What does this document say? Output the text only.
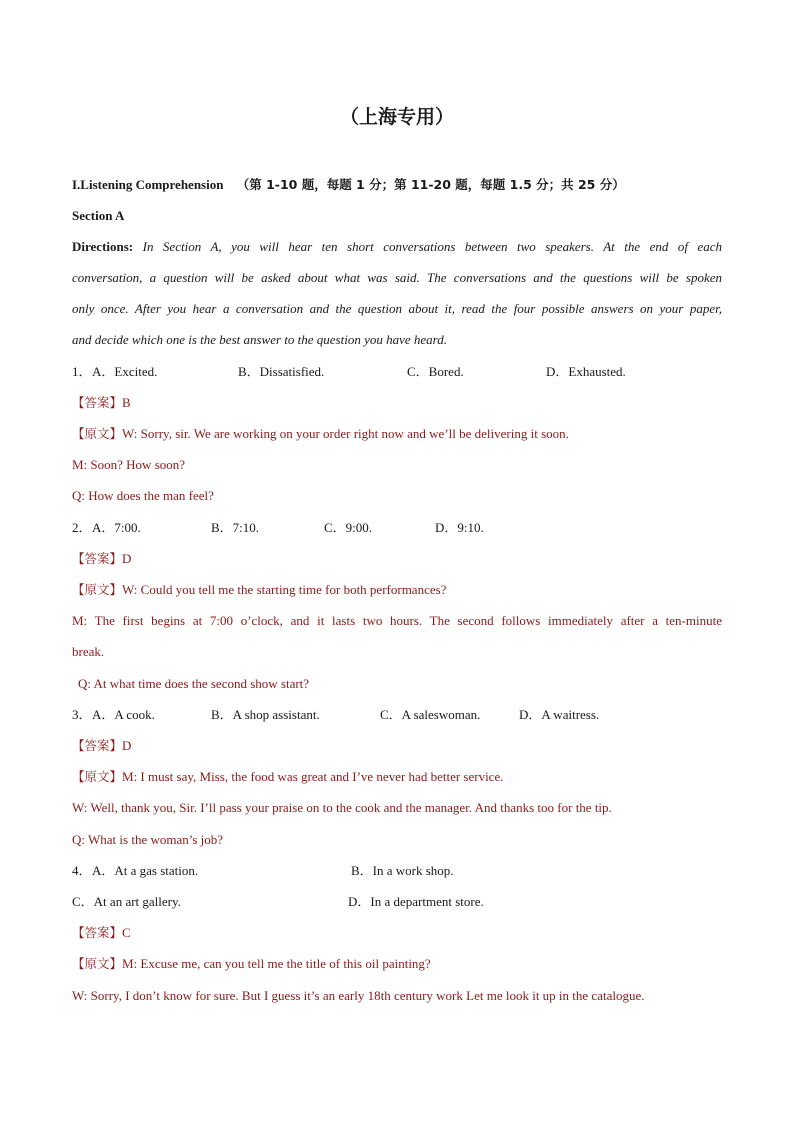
（上海专用）
I.Listening Comprehension （第 1-10 题，每题 1 分；第 11-20 题，每题 1.5 分；共 25 分）
Section A
Directions: In Section A, you will hear ten short conversations between two speakers. At the end of each
conversation, a question will be asked about what was said. The conversations and the questions will be spoken
only once. After you hear a conversation and the question about it, read the four possible answers on your paper,
and decide which one is the best answer to the question you have heard.
1． A．Excited.	B．Dissatisfied.	C．Bored.	D．Exhausted.
【答案】B
【原文】W: Sorry, sir. We are working on your order right now and we’ll be delivering it soon.
M: Soon? How soon?
Q: How does the man feel?
2． A．7:00.	B．7:10.	C．9:00.	D．9:10.
【答案】D
【原文】W: Could you tell me the starting time for both performances?
M: The first begins at 7:00 o’clock, and it lasts two hours. The second follows immediately after a ten-minute
break.
Q: At what time does the second show start?
3． A．A cook.	B．A shop assistant.	C．A saleswoman.	D．A waitress.
【答案】D
【原文】M: I must say, Miss, the food was great and I’ve never had better service.
W: Well, thank you, Sir. I’ll pass your praise on to the cook and the manager. And thanks too for the tip.
Q: What is the woman’s job?
4． A．At a gas station.	B．In a work shop.
C．At an art gallery.	D．In a department store.
【答案】C
【原文】M: Excuse me, can you tell me the title of this oil painting?
W: Sorry, I don’t know for sure. But I guess it’s an early 18th century work Let me look it up in the catalogue.
